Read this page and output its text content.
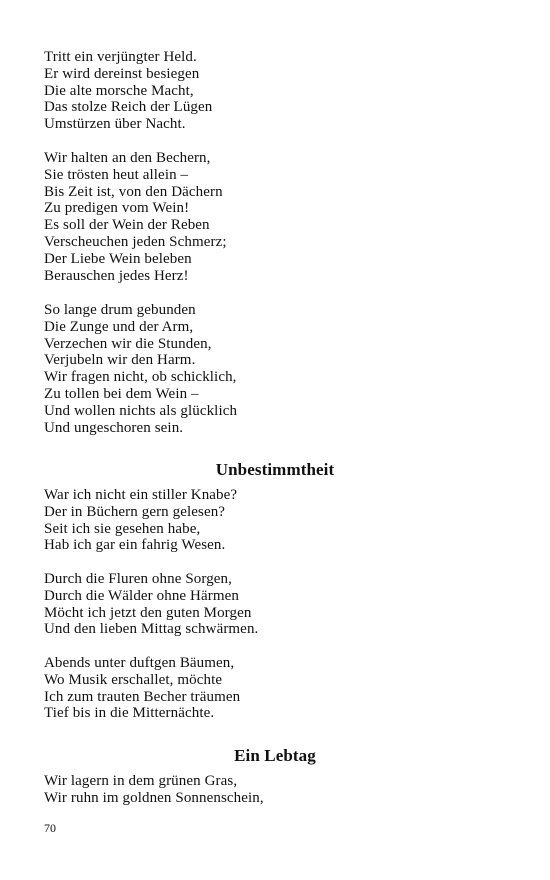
Tritt ein verjüngter Held.
Er wird dereinst besiegen
Die alte morsche Macht,
Das stolze Reich der Lügen
Umstürzen über Nacht.
Wir halten an den Bechern,
Sie trösten heut allein –
Bis Zeit ist, von den Dächern
Zu predigen vom Wein!
Es soll der Wein der Reben
Verscheuchen jeden Schmerz;
Der Liebe Wein beleben
Berauschen jedes Herz!
So lange drum gebunden
Die Zunge und der Arm,
Verzechen wir die Stunden,
Verjubeln wir den Harm.
Wir fragen nicht, ob schicklich,
Zu tollen bei dem Wein –
Und wollen nichts als glücklich
Und ungeschoren sein.
Unbestimmtheit
War ich nicht ein stiller Knabe?
Der in Büchern gern gelesen?
Seit ich sie gesehen habe,
Hab ich gar ein fahrig Wesen.
Durch die Fluren ohne Sorgen,
Durch die Wälder ohne Härmen
Möcht ich jetzt den guten Morgen
Und den lieben Mittag schwärmen.
Abends unter duftgen Bäumen,
Wo Musik erschallet, möchte
Ich zum trauten Becher träumen
Tief bis in die Mitternächte.
Ein Lebtag
Wir lagern in dem grünen Gras,
Wir ruhn im goldnen Sonnenschein,
70
